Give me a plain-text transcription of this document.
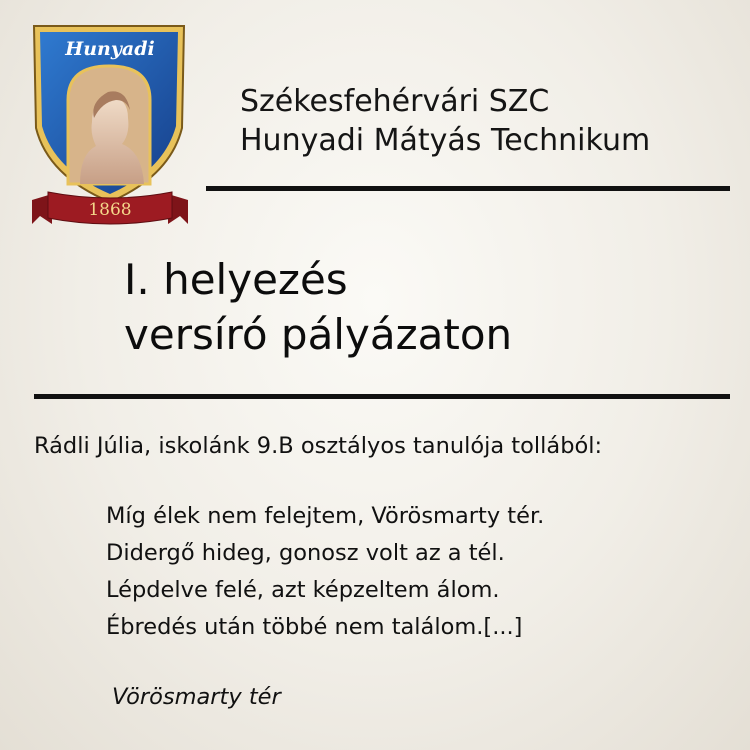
Hunyadi
1868
Székesfehérvári SZC
Hunyadi Mátyás Technikum
I. helyezés
versíró pályázaton
Rádli Júlia, iskolánk 9.B osztályos tanulója tollából:
Míg élek nem felejtem, Vörösmarty tér.
Didergő hideg, gonosz volt az a tél.
Lépdelve felé, azt képzeltem álom.
Ébredés után többé nem találom.[...]
Vörösmarty tér
